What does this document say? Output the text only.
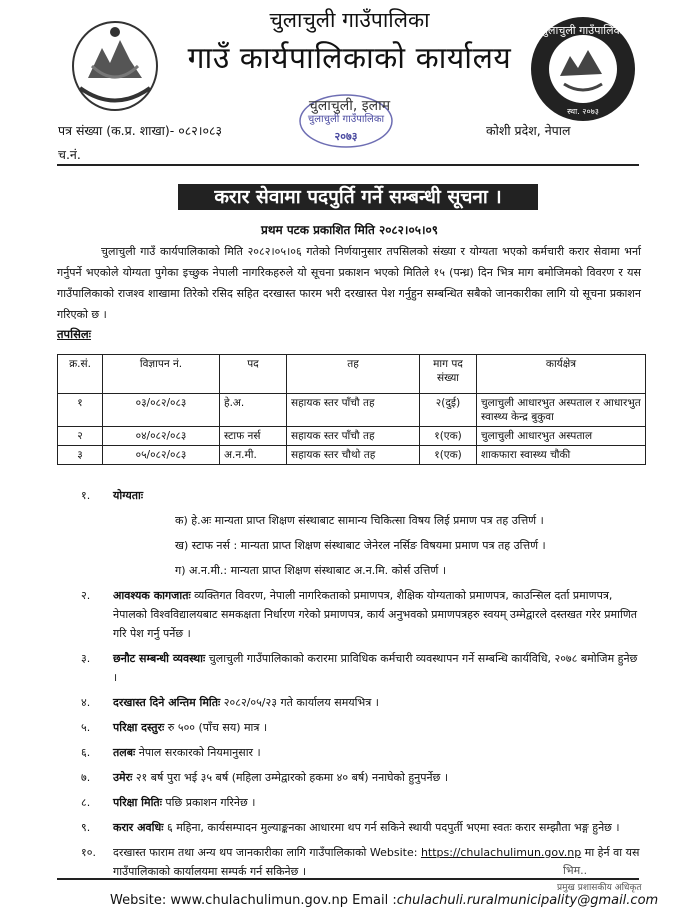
चुलाचुली गाउँपालिका
स्था. २०७३
चुलाचुली गाउँपालिका
२०७३
चुलाचुली गाउँपालिका
गाउँ कार्यपालिकाको कार्यालय
चुलाचुली, इलाम
पत्र संख्या (क.प्र. शाखा)- ०८२।०८३
च.नं.
कोशी प्रदेश, नेपाल
करार सेवामा पदपुर्ति गर्ने सम्बन्धी सूचना ।
प्रथम पटक प्रकाशित मिति २०८२।०५।०९
चुलाचुली गाउँ कार्यपालिकाको मिति २०८२।०५।०६ गतेको निर्णयानुसार तपसिलको संख्या र योग्यता भएको कर्मचारी करार सेवामा भर्ना गर्नुपर्ने भएकोले योग्यता पुगेका इच्छुक नेपाली नागरिकहरुले यो सूचना प्रकाशन भएको मितिले १५ (पन्ध्र) दिन भित्र माग बमोजिमको विवरण र यस गाउँपालिकाको राजश्व शाखामा तिरेको रसिद सहित दरखास्त फारम भरी दरखास्त पेश गर्नुहुन सम्बन्धित सबैको जानकारीका लागि यो सूचना प्रकाशन गरिएको छ ।
तपसिलः
क्र.सं.	विज्ञापन नं.	पद	तह	माग पद संख्या	कार्यक्षेत्र
१	०३/०८२/०८३	हे.अ.	सहायक स्तर पाँचौ तह	२(दुई)	चुलाचुली आधारभुत अस्पताल र आधारभुत स्वास्थ्य केन्द्र बुकुवा
२	०४/०८२/०८३	स्टाफ नर्स	सहायक स्तर पाँचौ तह	१(एक)	चुलाचुली आधारभुत अस्पताल
३	०५/०८२/०८३	अ.न.मी.	सहायक स्तर चौथो तह	१(एक)	शाकफारा स्वास्थ्य चौकी
१. योग्यताः
क) हे.अः मान्यता प्राप्त शिक्षण संस्थाबाट सामान्य चिकित्सा विषय लिई प्रमाण पत्र तह उत्तिर्ण ।
ख) स्टाफ नर्स : मान्यता प्राप्त शिक्षण संस्थाबाट जेनेरल नर्सिङ विषयमा प्रमाण पत्र तह उत्तिर्ण ।
ग) अ.न.मी.: मान्यता प्राप्त शिक्षण संस्थाबाट अ.न.मि. कोर्स उत्तिर्ण ।
२. आवश्यक कागजातः व्यक्तिगत विवरण, नेपाली नागरिकताको प्रमाणपत्र, शैक्षिक योग्यताको प्रमाणपत्र, काउन्सिल दर्ता प्रमाणपत्र, नेपालको विश्वविद्यालयबाट समकक्षता निर्धारण गरेको प्रमाणपत्र, कार्य अनुभवको प्रमाणपत्रहरु स्वयम् उम्मेद्वारले दस्तखत गरेर प्रमाणित गरि पेश गर्नु पर्नेछ ।
३. छनौट सम्बन्धी व्यवस्थाः चुलाचुली गाउँपालिकाको करारमा प्राविधिक कर्मचारी व्यवस्थापन गर्ने सम्बन्धि कार्यविधि, २०७८ बमोजिम हुनेछ ।
४. दरखास्त दिने अन्तिम मितिः २०८२/०५/२३ गते कार्यालय समयभित्र ।
५. परिक्षा दस्तुरः रु ५०० (पाँच सय) मात्र ।
६. तलबः नेपाल सरकारको नियमानुसार ।
७. उमेरः २१ बर्ष पुरा भई ३५ बर्ष (महिला उम्मेद्वारको हकमा ४० बर्ष) ननाघेको हुनुपर्नेछ ।
८. परिक्षा मितिः पछि प्रकाशन गरिनेछ ।
९. करार अवधिः ६ महिना, कार्यसम्पादन मुल्याङ्कनका आधारमा थप गर्न सकिने स्थायी पदपुर्ती भएमा स्वतः करार सम्झौता भङ्ग हुनेछ ।
१०. दरखास्त फाराम तथा अन्य थप जानकारीका लागि गाउँपालिकाको Website: https://chulachulimun.gov.np मा हेर्न वा यस गाउँपालिकाको कार्यालयमा सम्पर्क गर्न सकिनेछ ।	भिम..
प्रमुख प्रशासकीय अधिकृत
Website: www.chulachulimun.gov.np Email :chulachuli.ruralmunicipality@gmail.com
